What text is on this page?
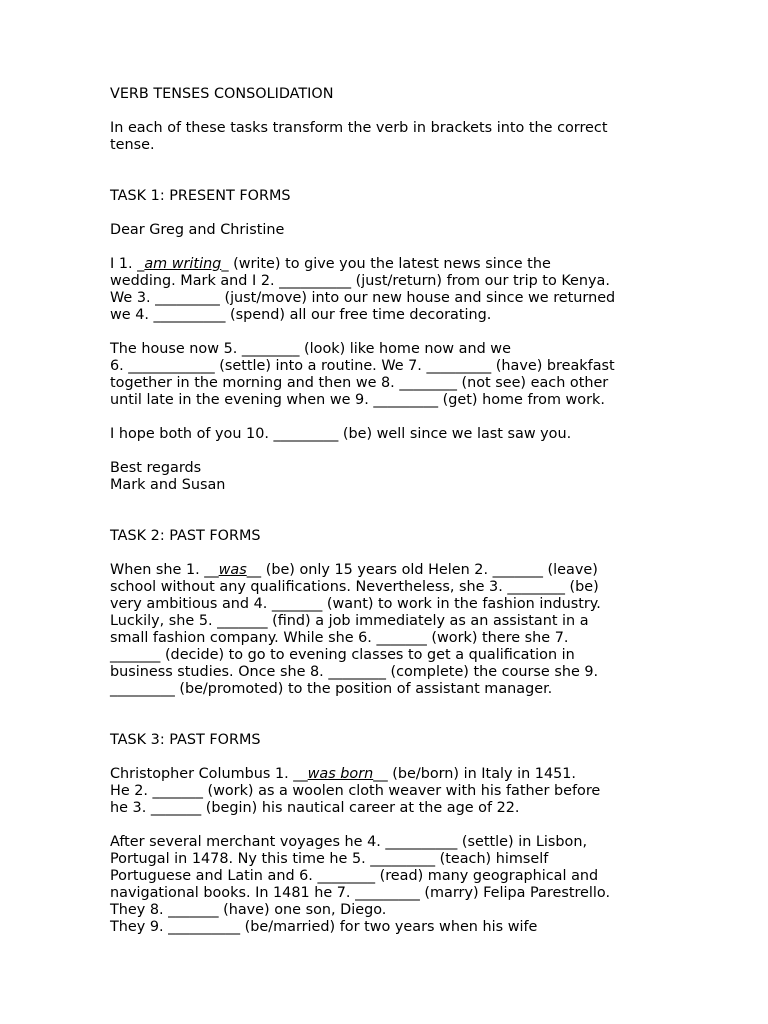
VERB TENSES CONSOLIDATION

In each of these tasks transform the verb in brackets into the correct

tense.

TASK 1: PRESENT FORMS

Dear Greg and Christine

I 1. _am writing_ (write) to give you the latest news since the

wedding. Mark and I 2. __________ (just/return) from our trip to Kenya.

We 3. _________ (just/move) into our new house and since we returned

we 4. __________ (spend) all our free time decorating.

The house now 5. ________ (look) like home now and we

6. ____________ (settle) into a routine. We 7. _________ (have) breakfast

together in the morning and then we 8. ________ (not see) each other

until late in the evening when we 9. _________ (get) home from work.

I hope both of you 10. _________ (be) well since we last saw you.

Best regards

Mark and Susan

TASK 2: PAST FORMS

When she 1. __was__ (be) only 15 years old Helen 2. _______ (leave)

school without any qualifications. Nevertheless, she 3. ________ (be)

very ambitious and 4. _______ (want) to work in the fashion industry.

Luckily, she 5. _______ (find) a job immediately as an assistant in a

small fashion company. While she 6. _______ (work) there she 7.

_______ (decide) to go to evening classes to get a qualification in

business studies. Once she 8. ________ (complete) the course she 9.

_________ (be/promoted) to the position of assistant manager.

TASK 3: PAST FORMS

Christopher Columbus 1. __was born__ (be/born) in Italy in 1451.

He 2. _______ (work) as a woolen cloth weaver with his father before

he 3. _______ (begin) his nautical career at the age of 22.

After several merchant voyages he 4. __________ (settle) in Lisbon,

Portugal in 1478. Ny this time he 5. _________ (teach) himself

Portuguese and Latin and 6. ________ (read) many geographical and

navigational books. In 1481 he 7. _________ (marry) Felipa Parestrello.

They 8. _______ (have) one son, Diego.

They 9. __________ (be/married) for two years when his wife
